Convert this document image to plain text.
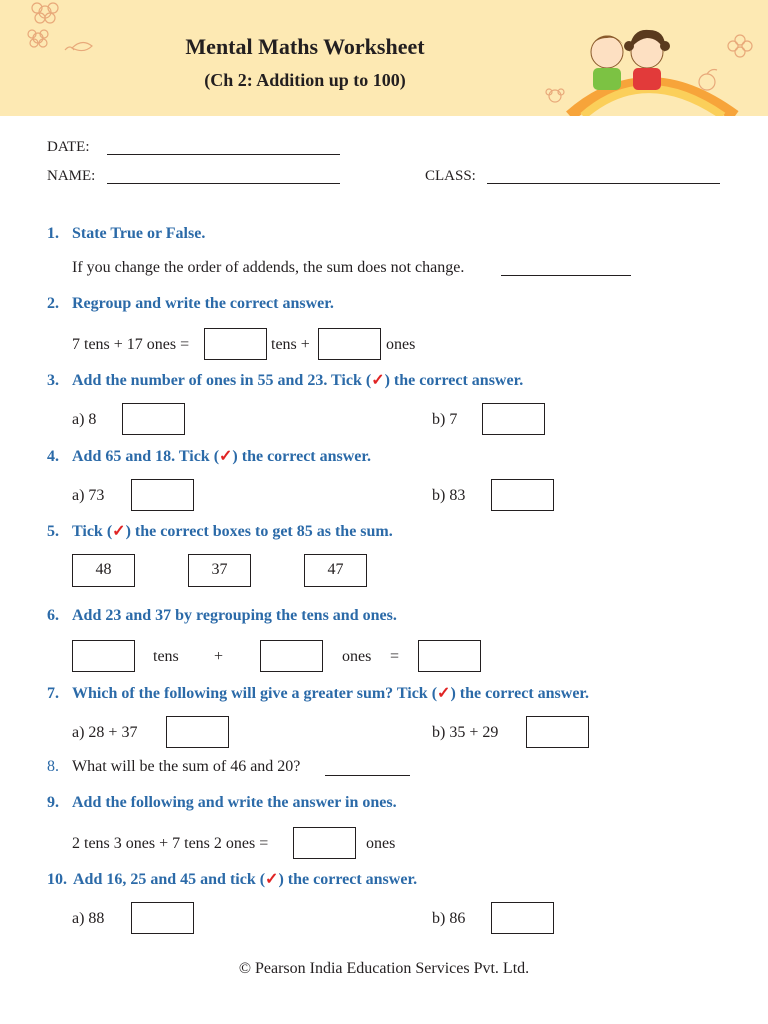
Mental Maths Worksheet
(Ch 2: Addition up to 100)
DATE:
NAME:	CLASS:
1. State True or False.
If you change the order of addends, the sum does not change.
2. Regroup and write the correct answer.
7 tens + 17 ones =	tens +	ones
3. Add the number of ones in 55 and 23. Tick (✓) the correct answer.
a) 8	b) 7
4. Add 65 and 18. Tick (✓) the correct answer.
a) 73	b) 83
5. Tick (✓) the correct boxes to get 85 as the sum.
48	37	47
6. Add 23 and 37 by regrouping the tens and ones.
tens +	ones =
7. Which of the following will give a greater sum? Tick (✓) the correct answer.
a) 28 + 37	b) 35 + 29
8. What will be the sum of 46 and 20?
9. Add the following and write the answer in ones.
2 tens 3 ones + 7 tens 2 ones =	ones
10. Add 16, 25 and 45 and tick (✓) the correct answer.
a) 88	b) 86
© Pearson India Education Services Pvt. Ltd.
